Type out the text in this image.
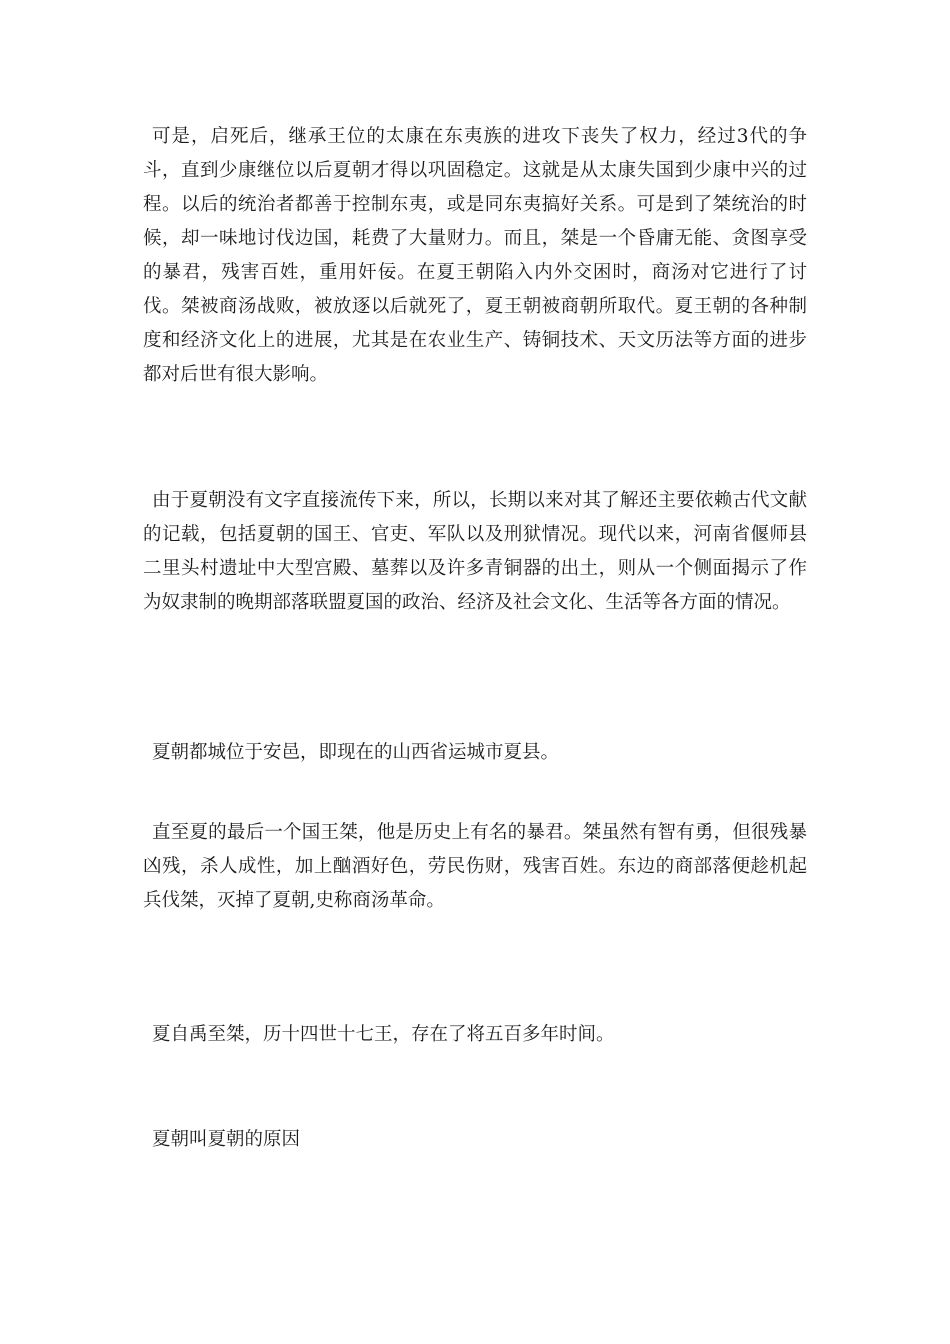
可是，启死后，继承王位的太康在东夷族的进攻下丧失了权力，经过3代的争斗，直到少康继位以后夏朝才得以巩固稳定。这就是从太康失国到少康中兴的过程。以后的统治者都善于控制东夷，或是同东夷搞好关系。可是到了桀统治的时候，却一味地讨伐边国，耗费了大量财力。而且，桀是一个昏庸无能、贪图享受的暴君，残害百姓，重用奸佞。在夏王朝陷入内外交困时，商汤对它进行了讨伐。桀被商汤战败，被放逐以后就死了，夏王朝被商朝所取代。夏王朝的各种制度和经济文化上的进展，尤其是在农业生产、铸铜技术、天文历法等方面的进步都对后世有很大影响。

由于夏朝没有文字直接流传下来，所以，长期以来对其了解还主要依赖古代文献的记载，包括夏朝的国王、官吏、军队以及刑狱情况。现代以来，河南省偃师县二里头村遗址中大型宫殿、墓葬以及许多青铜器的出土，则从一个侧面揭示了作为奴隶制的晚期部落联盟夏国的政治、经济及社会文化、生活等各方面的情况。

夏朝都城位于安邑，即现在的山西省运城市夏县。

直至夏的最后一个国王桀，他是历史上有名的暴君。桀虽然有智有勇，但很残暴凶残，杀人成性，加上酗酒好色，劳民伤财，残害百姓。东边的商部落便趁机起兵伐桀，灭掉了夏朝,史称商汤革命。

夏自禹至桀，历十四世十七王，存在了将五百多年时间。

夏朝叫夏朝的原因
